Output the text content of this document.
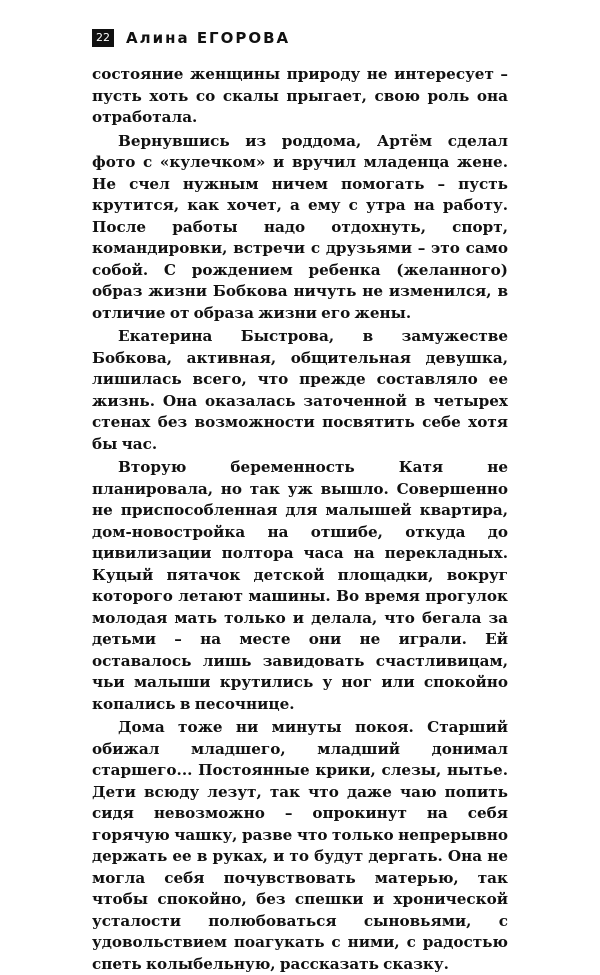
22 Алина ЕГОРОВА

состояние женщины природу не интересует – пусть хоть со скалы прыгает, свою роль она отработала.

Вернувшись из роддома, Артём сделал фото с «кулечком» и вручил младенца жене. Не счел нужным ничем помогать – пусть крутится, как хочет, а ему с утра на работу. После работы надо отдохнуть, спорт, командировки, встречи с друзьями – это само собой. С рождением ребенка (желанного) образ жизни Бобкова ничуть не изменился, в отличие от образа жизни его жены.

Екатерина Быстрова, в замужестве Бобкова, активная, общительная девушка, лишилась всего, что прежде составляло ее жизнь. Она оказалась заточенной в четырех стенах без возможности посвятить себе хотя бы час.

Вторую беременность Катя не планировала, но так уж вышло. Совершенно не приспособленная для малышей квартира, дом-новостройка на отшибе, откуда до цивилизации полтора часа на перекладных. Куцый пятачок детской площадки, вокруг которого летают машины. Во время прогулок молодая мать только и делала, что бегала за детьми – на месте они не играли. Ей оставалось лишь завидовать счастливицам, чьи малыши крутились у ног или спокойно копались в песочнице.

Дома тоже ни минуты покоя. Старший обижал младшего, младший донимал старшего... Постоянные крики, слезы, нытье. Дети всюду лезут, так что даже чаю попить сидя невозможно – опрокинут на себя горячую чашку, разве что только непрерывно держать ее в руках, и то будут дергать. Она не могла себя почувствовать матерью, так чтобы спокойно, без спешки и хронической усталости полюбоваться сыновьями, с удовольствием поагукать с ними, с радостью спеть колыбельную, рассказать сказку.
